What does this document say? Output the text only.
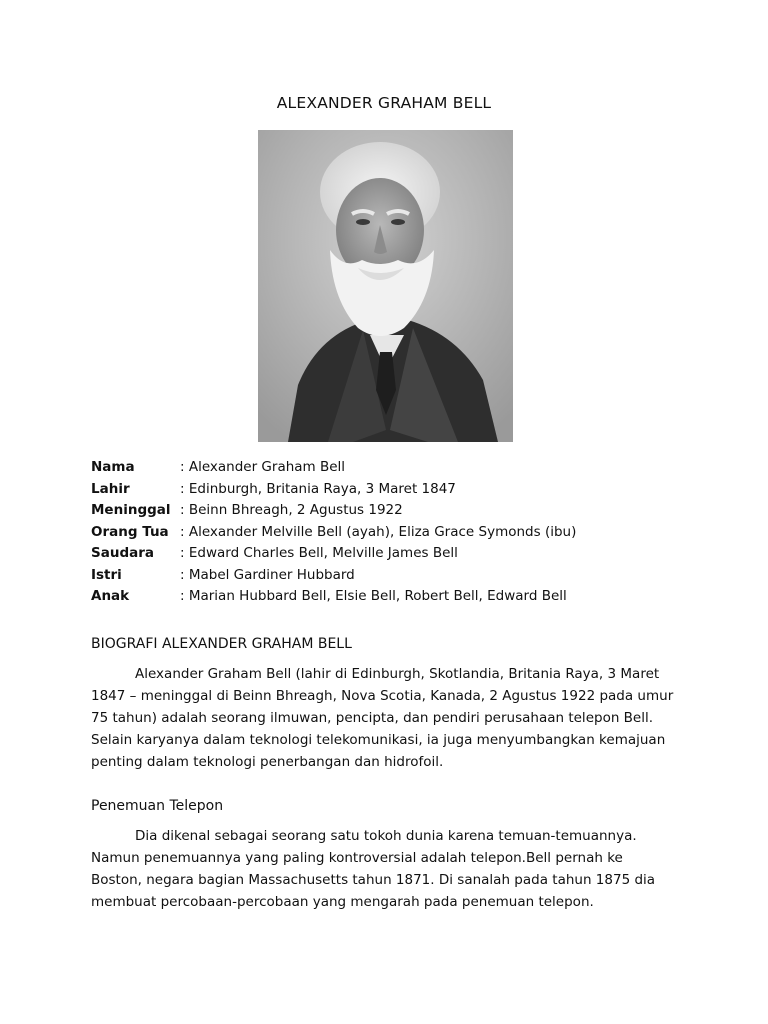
ALEXANDER GRAHAM BELL
Nama	: Alexander Graham Bell
Lahir	: Edinburgh, Britania Raya, 3 Maret 1847
Meninggal : Beinn Bhreagh, 2 Agustus 1922
Orang Tua : Alexander Melville Bell (ayah), Eliza Grace Symonds (ibu)
Saudara	: Edward Charles Bell, Melville James Bell
Istri	: Mabel Gardiner Hubbard
Anak	: Marian Hubbard Bell, Elsie Bell, Robert Bell, Edward Bell
BIOGRAFI ALEXANDER GRAHAM BELL

Alexander Graham Bell (lahir di Edinburgh, Skotlandia, Britania Raya, 3 Maret 1847 – meninggal di Beinn Bhreagh, Nova Scotia, Kanada, 2 Agustus 1922 pada umur 75 tahun) adalah seorang ilmuwan, pencipta, dan pendiri perusahaan telepon Bell. Selain karyanya dalam teknologi telekomunikasi, ia juga menyumbangkan kemajuan penting dalam teknologi penerbangan dan hidrofoil.

Penemuan Telepon

Dia dikenal sebagai seorang satu tokoh dunia karena temuan-temuannya. Namun penemuannya yang paling kontroversial adalah telepon.Bell pernah ke Boston, negara bagian Massachusetts tahun 1871. Di sanalah pada tahun 1875 dia membuat percobaan-percobaan yang mengarah pada penemuan telepon.
